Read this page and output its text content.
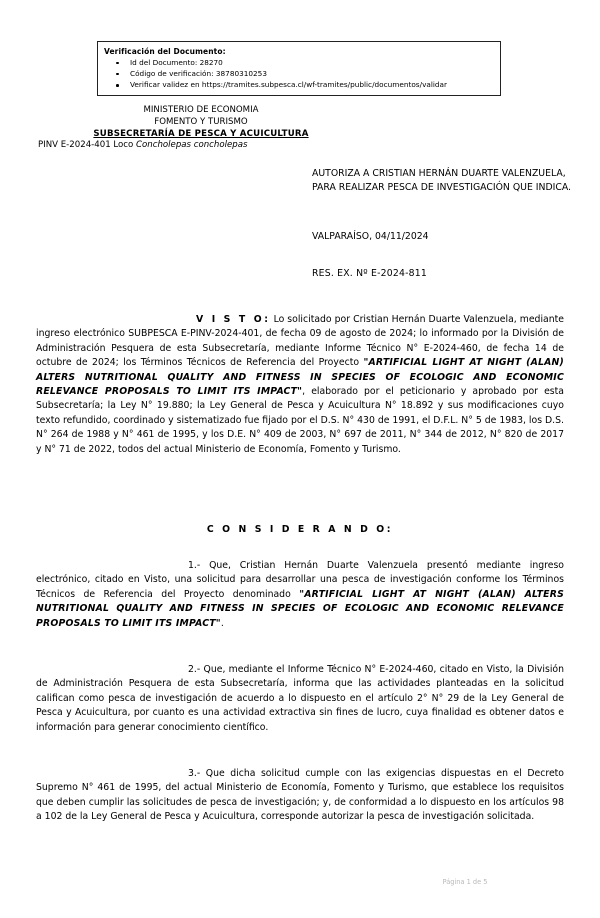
Verificación del Documento:
Id del Documento: 28270
Código de verificación: 38780310253
Verificar validez en https://tramites.subpesca.cl/wf-tramites/public/documentos/validar
MINISTERIO DE ECONOMIA
FOMENTO Y TURISMO
SUBSECRETARÍA DE PESCA Y ACUICULTURA
PINV E-2024-401 Loco Concholepas concholepas
AUTORIZA A CRISTIAN HERNÁN DUARTE VALENZUELA, PARA REALIZAR PESCA DE INVESTIGACIÓN QUE INDICA.
VALPARAÍSO, 04/11/2024
RES. EX. Nº E-2024-811
V I S T O: Lo solicitado por Cristian Hernán Duarte Valenzuela, mediante ingreso electrónico SUBPESCA E-PINV-2024-401, de fecha 09 de agosto de 2024; lo informado por la División de Administración Pesquera de esta Subsecretaría, mediante Informe Técnico N° E-2024-460, de fecha 14 de octubre de 2024; los Términos Técnicos de Referencia del Proyecto "ARTIFICIAL LIGHT AT NIGHT (ALAN) ALTERS NUTRITIONAL QUALITY AND FITNESS IN SPECIES OF ECOLOGIC AND ECONOMIC RELEVANCE PROPOSALS TO LIMIT ITS IMPACT", elaborado por el peticionario y aprobado por esta Subsecretaría; la Ley N° 19.880; la Ley General de Pesca y Acuicultura N° 18.892 y sus modificaciones cuyo texto refundido, coordinado y sistematizado fue fijado por el D.S. N° 430 de 1991, el D.F.L. N° 5 de 1983, los D.S. N° 264 de 1988 y N° 461 de 1995, y los D.E. N° 409 de 2003, N° 697 de 2011, N° 344 de 2012, N° 820 de 2017 y N° 71 de 2022, todos del actual Ministerio de Economía, Fomento y Turismo.
C O N S I D E R A N D O:
1.- Que, Cristian Hernán Duarte Valenzuela presentó mediante ingreso electrónico, citado en Visto, una solicitud para desarrollar una pesca de investigación conforme los Términos Técnicos de Referencia del Proyecto denominado "ARTIFICIAL LIGHT AT NIGHT (ALAN) ALTERS NUTRITIONAL QUALITY AND FITNESS IN SPECIES OF ECOLOGIC AND ECONOMIC RELEVANCE PROPOSALS TO LIMIT ITS IMPACT".
2.- Que, mediante el Informe Técnico N° E-2024-460, citado en Visto, la División de Administración Pesquera de esta Subsecretaría, informa que las actividades planteadas en la solicitud califican como pesca de investigación de acuerdo a lo dispuesto en el artículo 2° N° 29 de la Ley General de Pesca y Acuicultura, por cuanto es una actividad extractiva sin fines de lucro, cuya finalidad es obtener datos e información para generar conocimiento científico.
3.- Que dicha solicitud cumple con las exigencias dispuestas en el Decreto Supremo N° 461 de 1995, del actual Ministerio de Economía, Fomento y Turismo, que establece los requisitos que deben cumplir las solicitudes de pesca de investigación; y, de conformidad a lo dispuesto en los artículos 98 a 102 de la Ley General de Pesca y Acuicultura, corresponde autorizar la pesca de investigación solicitada.
Página 1 de 5
